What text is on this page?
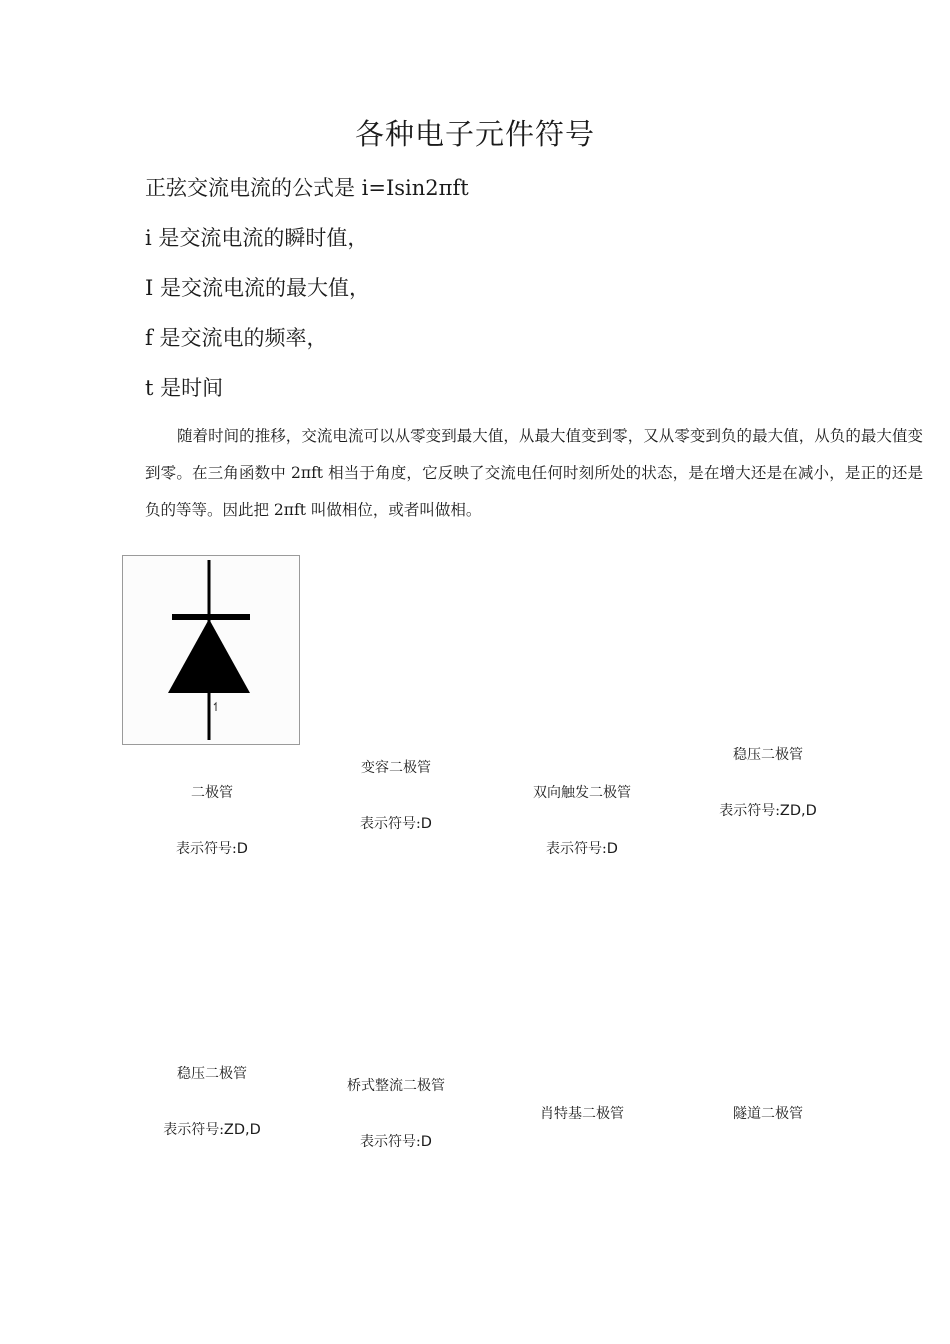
各种电子元件符号
正弦交流电流的公式是 i=Isin2πft
i 是交流电流的瞬时值，
I 是交流电流的最大值，
f 是交流电的频率，
t 是时间
随着时间的推移，交流电流可以从零变到最大值，从最大值变到零，又从零变到负的最大值，从负的最大值变到零。在三角函数中 2πft 相当于角度，它反映了交流电任何时刻所处的状态，是在增大还是在减小，是正的还是负的等等。因此把 2πft 叫做相位，或者叫做相。
二极管
表示符号:D
变容二极管
表示符号:D
双向触发二极管
表示符号:D
稳压二极管
表示符号:ZD,D
稳压二极管
表示符号:ZD,D
桥式整流二极管
表示符号:D
肖特基二极管	隧道二极管
